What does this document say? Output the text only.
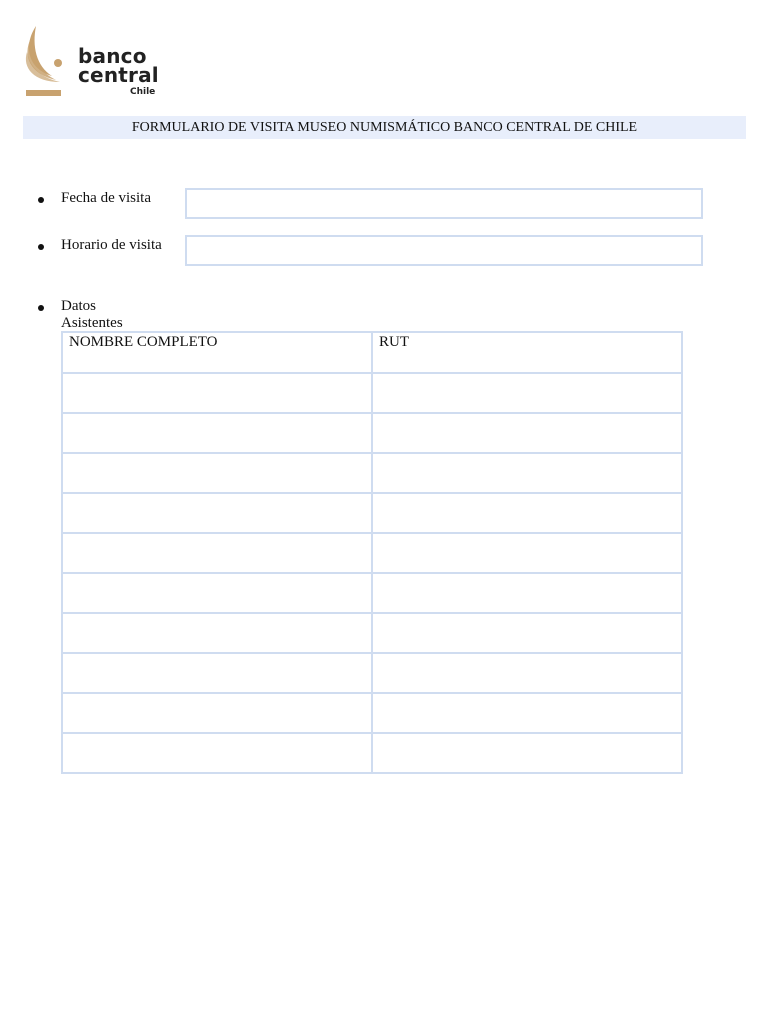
banco
central
Chile
FORMULARIO DE VISITA MUSEO NUMISMÁTICO BANCO CENTRAL DE CHILE
Fecha de visita
Horario de visita
Datos Asistentes
NOMBRE COMPLETO	RUT
